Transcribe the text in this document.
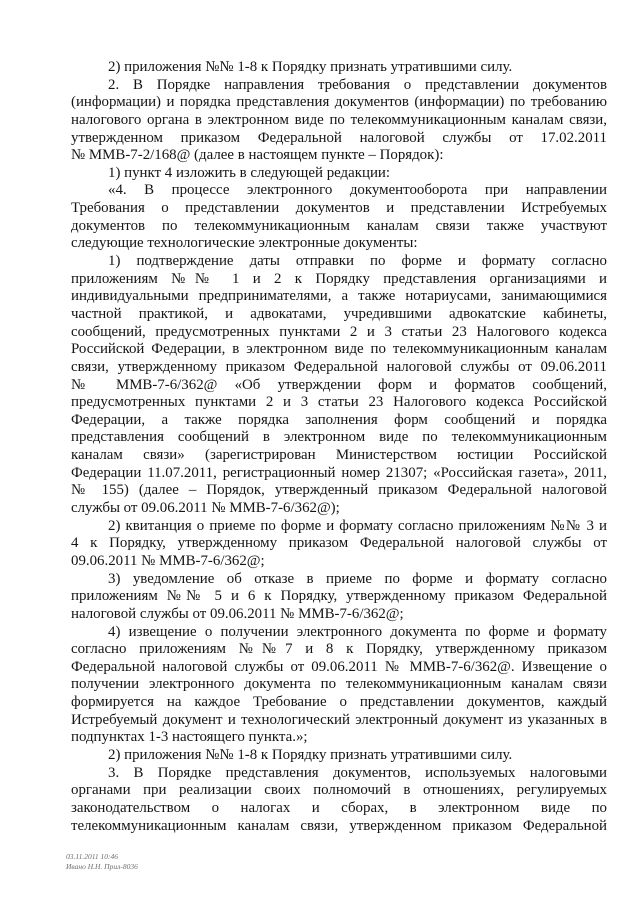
2) приложения №№ 1-8 к Порядку признать утратившими силу.
2. В Порядке направления требования о представлении документов
(информации) и порядка представления документов (информации) по требованию
налогового органа в электронном виде по телекоммуникационным каналам связи,
утвержденном приказом Федеральной налоговой службы от 17.02.2011
№ ММВ-7-2/168@ (далее в настоящем пункте – Порядок):
1) пункт 4 изложить в следующей редакции:
«4. В процессе электронного документооборота при направлении
Требования о представлении документов и представлении Истребуемых
документов по телекоммуникационным каналам связи также участвуют
следующие технологические электронные документы:
1) подтверждение даты отправки по форме и формату согласно
приложениям №№ 1 и 2 к Порядку представления организациями и
индивидуальными предпринимателями, а также нотариусами, занимающимися
частной практикой, и адвокатами, учредившими адвокатские кабинеты,
сообщений, предусмотренных пунктами 2 и 3 статьи 23 Налогового кодекса
Российской Федерации, в электронном виде по телекоммуникационным каналам
связи, утвержденному приказом Федеральной налоговой службы от 09.06.2011
№ ММВ-7-6/362@ «Об утверждении форм и форматов сообщений,
предусмотренных пунктами 2 и 3 статьи 23 Налогового кодекса Российской
Федерации, а также порядка заполнения форм сообщений и порядка
представления сообщений в электронном виде по телекоммуникационным
каналам связи» (зарегистрирован Министерством юстиции Российской
Федерации 11.07.2011, регистрационный номер 21307; «Российская газета», 2011,
№ 155) (далее – Порядок, утвержденный приказом Федеральной налоговой
службы от 09.06.2011 № ММВ-7-6/362@);
2) квитанция о приеме по форме и формату согласно приложениям №№ 3 и
4 к Порядку, утвержденному приказом Федеральной налоговой службы от
09.06.2011 № ММВ-7-6/362@;
3) уведомление об отказе в приеме по форме и формату согласно
приложениям №№ 5 и 6 к Порядку, утвержденному приказом Федеральной
налоговой службы от 09.06.2011 № ММВ-7-6/362@;
4) извещение о получении электронного документа по форме и формату
согласно приложениям №№7 и 8 к Порядку, утвержденному приказом
Федеральной налоговой службы от 09.06.2011 № ММВ-7-6/362@. Извещение о
получении электронного документа по телекоммуникационным каналам связи
формируется на каждое Требование о представлении документов, каждый
Истребуемый документ и технологический электронный документ из указанных в
подпунктах 1-3 настоящего пункта.»;
2) приложения №№ 1-8 к Порядку признать утратившими силу.
3. В Порядке представления документов, используемых налоговыми
органами при реализации своих полномочий в отношениях, регулируемых
законодательством о налогах и сборах, в электронном виде по
телекоммуникационным каналам связи, утвержденном приказом Федеральной
03.11.2011 10:46
Ивано Н.Н. Прил-8036
